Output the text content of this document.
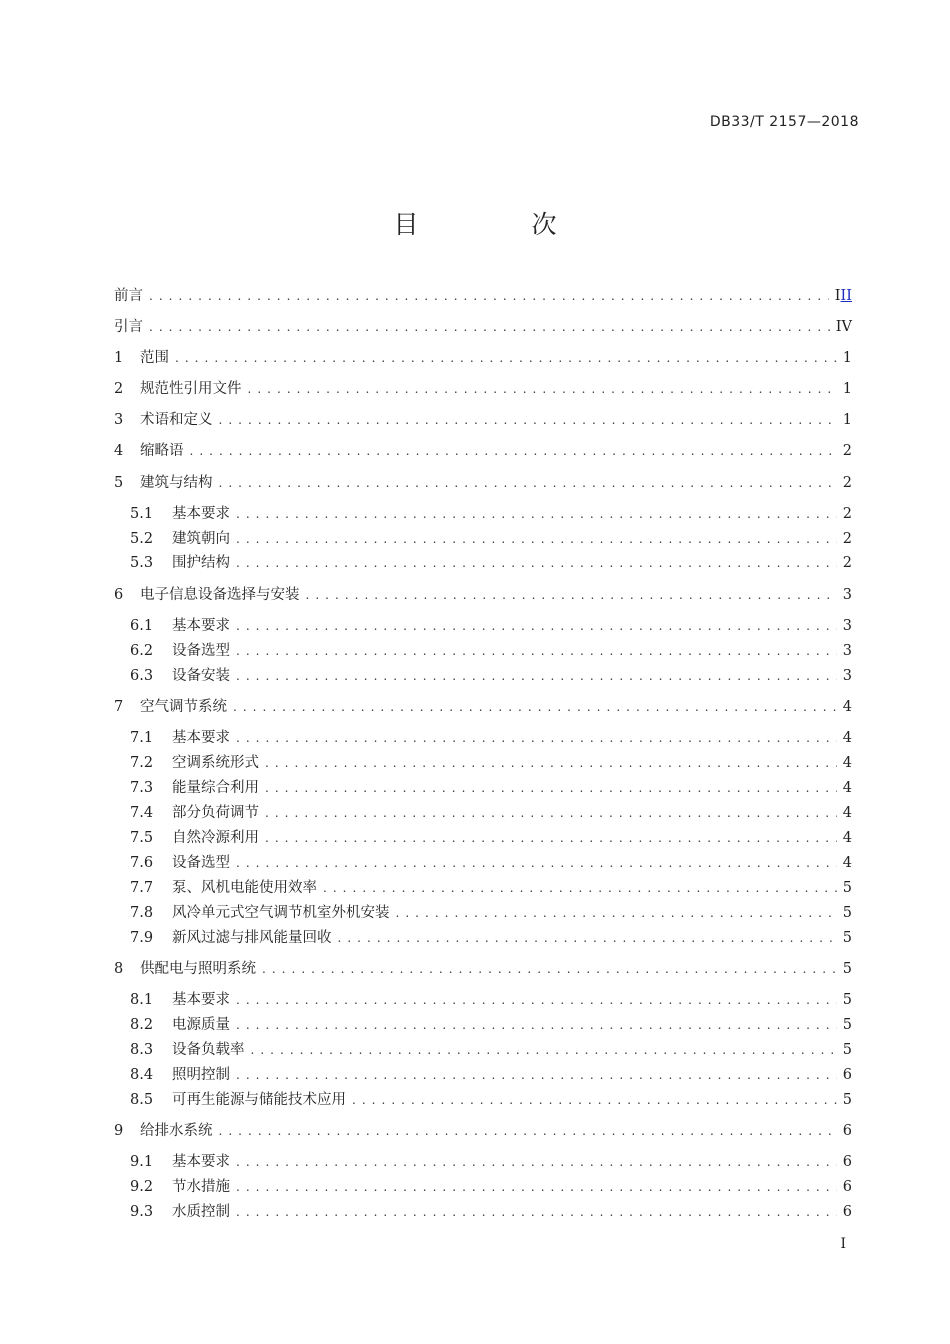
DB33/T 2157—2018
目　次
前言 . . .	III
引言 . . .	IV
1	范围 . . .	1
2	规范性引用文件 . . .	1
3	术语和定义 . . .	1
4	缩略语 . . .	2
5	建筑与结构 . . .	2
5.1	基本要求 . . .	2
5.2	建筑朝向 . . .	2
5.3	围护结构 . . .	2
6	电子信息设备选择与安装 . . .	3
6.1	基本要求 . . .	3
6.2	设备选型 . . .	3
6.3	设备安装 . . .	3
7	空气调节系统 . . .	4
7.1	基本要求 . . .	4
7.2	空调系统形式 . . .	4
7.3	能量综合利用 . . .	4
7.4	部分负荷调节 . . .	4
7.5	自然冷源利用 . . .	4
7.6	设备选型 . . .	4
7.7	泵、风机电能使用效率 . . .	5
7.8	风冷单元式空气调节机室外机安装 . . .	5
7.9	新风过滤与排风能量回收 . . .	5
8	供配电与照明系统 . . .	5
8.1	基本要求 . . .	5
8.2	电源质量 . . .	5
8.3	设备负载率 . . .	5
8.4	照明控制 . . .	6
8.5	可再生能源与储能技术应用 . . .	5
9	给排水系统 . . .	6
9.1	基本要求 . . .	6
9.2	节水措施 . . .	6
9.3	水质控制 . . .	6
I
